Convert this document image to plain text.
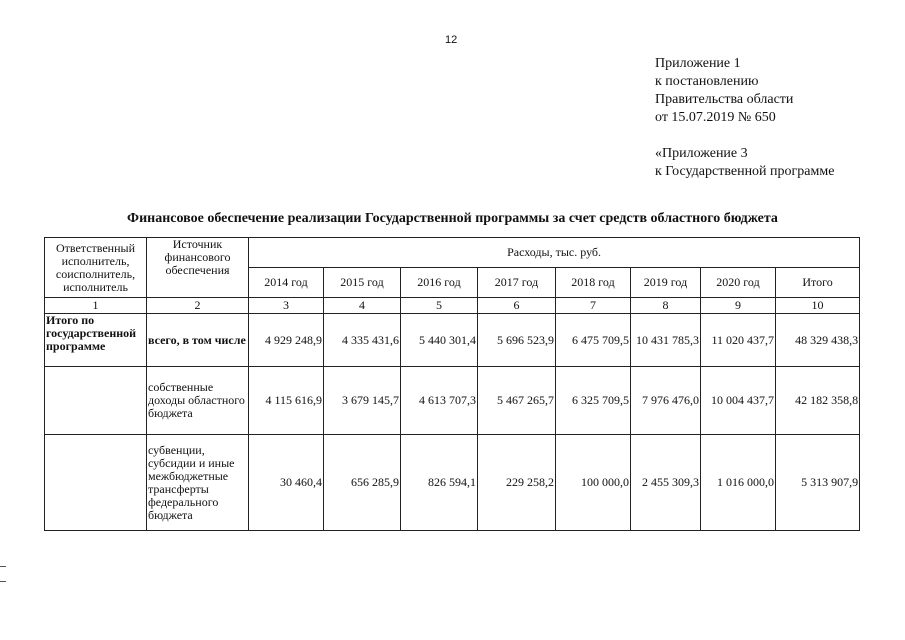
12
Приложение 1
к постановлению
Правительства области
от 15.07.2019 № 650
«Приложение 3
к Государственной программе
Финансовое обеспечение реализации Государственной программы за счет средств областного бюджета
Ответственный исполнитель, соисполнитель, исполнитель	Источник финансового обеспечения	Расходы, тыс. руб.							
		2014 год	2015 год	2016 год	2017 год	2018 год	2019 год	2020 год	Итого
1	2	3	4	5	6	7	8	9	10
Итого по государственной программе	всего, в том числе	4 929 248,9	4 335 431,6	5 440 301,4	5 696 523,9	6 475 709,5	10 431 785,3	11 020 437,7	48 329 438,3
	собственные доходы областного бюджета	4 115 616,9	3 679 145,7	4 613 707,3	5 467 265,7	6 325 709,5	7 976 476,0	10 004 437,7	42 182 358,8
	субвенции, субсидии и иные межбюджетные трансферты федерального бюджета	30 460,4	656 285,9	826 594,1	229 258,2	100 000,0	2 455 309,3	1 016 000,0	5 313 907,9
